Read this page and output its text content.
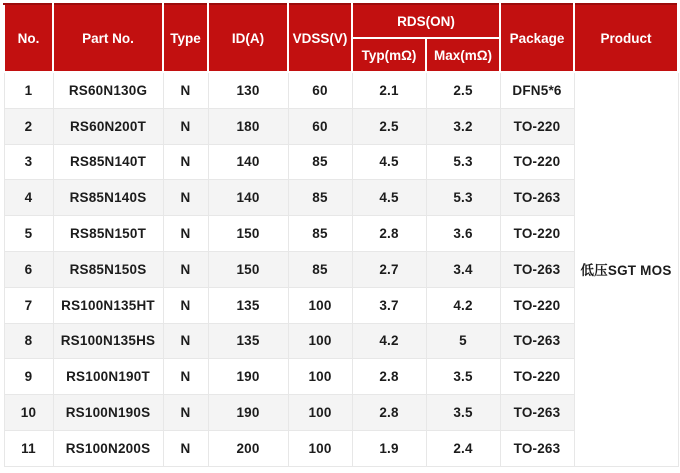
No.	Part No.	Type	ID(A)	VDSS(V)	RDS(ON)		Package	Product
					Typ(mΩ)	Max(mΩ)		
1	RS60N130G	N	130	60	2.1	2.5	DFN5*6	低压SGT MOS
2	RS60N200T	N	180	60	2.5	3.2	TO-220	
3	RS85N140T	N	140	85	4.5	5.3	TO-220	
4	RS85N140S	N	140	85	4.5	5.3	TO-263	
5	RS85N150T	N	150	85	2.8	3.6	TO-220	
6	RS85N150S	N	150	85	2.7	3.4	TO-263	
7	RS100N135HT	N	135	100	3.7	4.2	TO-220	
8	RS100N135HS	N	135	100	4.2	5	TO-263	
9	RS100N190T	N	190	100	2.8	3.5	TO-220	
10	RS100N190S	N	190	100	2.8	3.5	TO-263	
11	RS100N200S	N	200	100	1.9	2.4	TO-263	
